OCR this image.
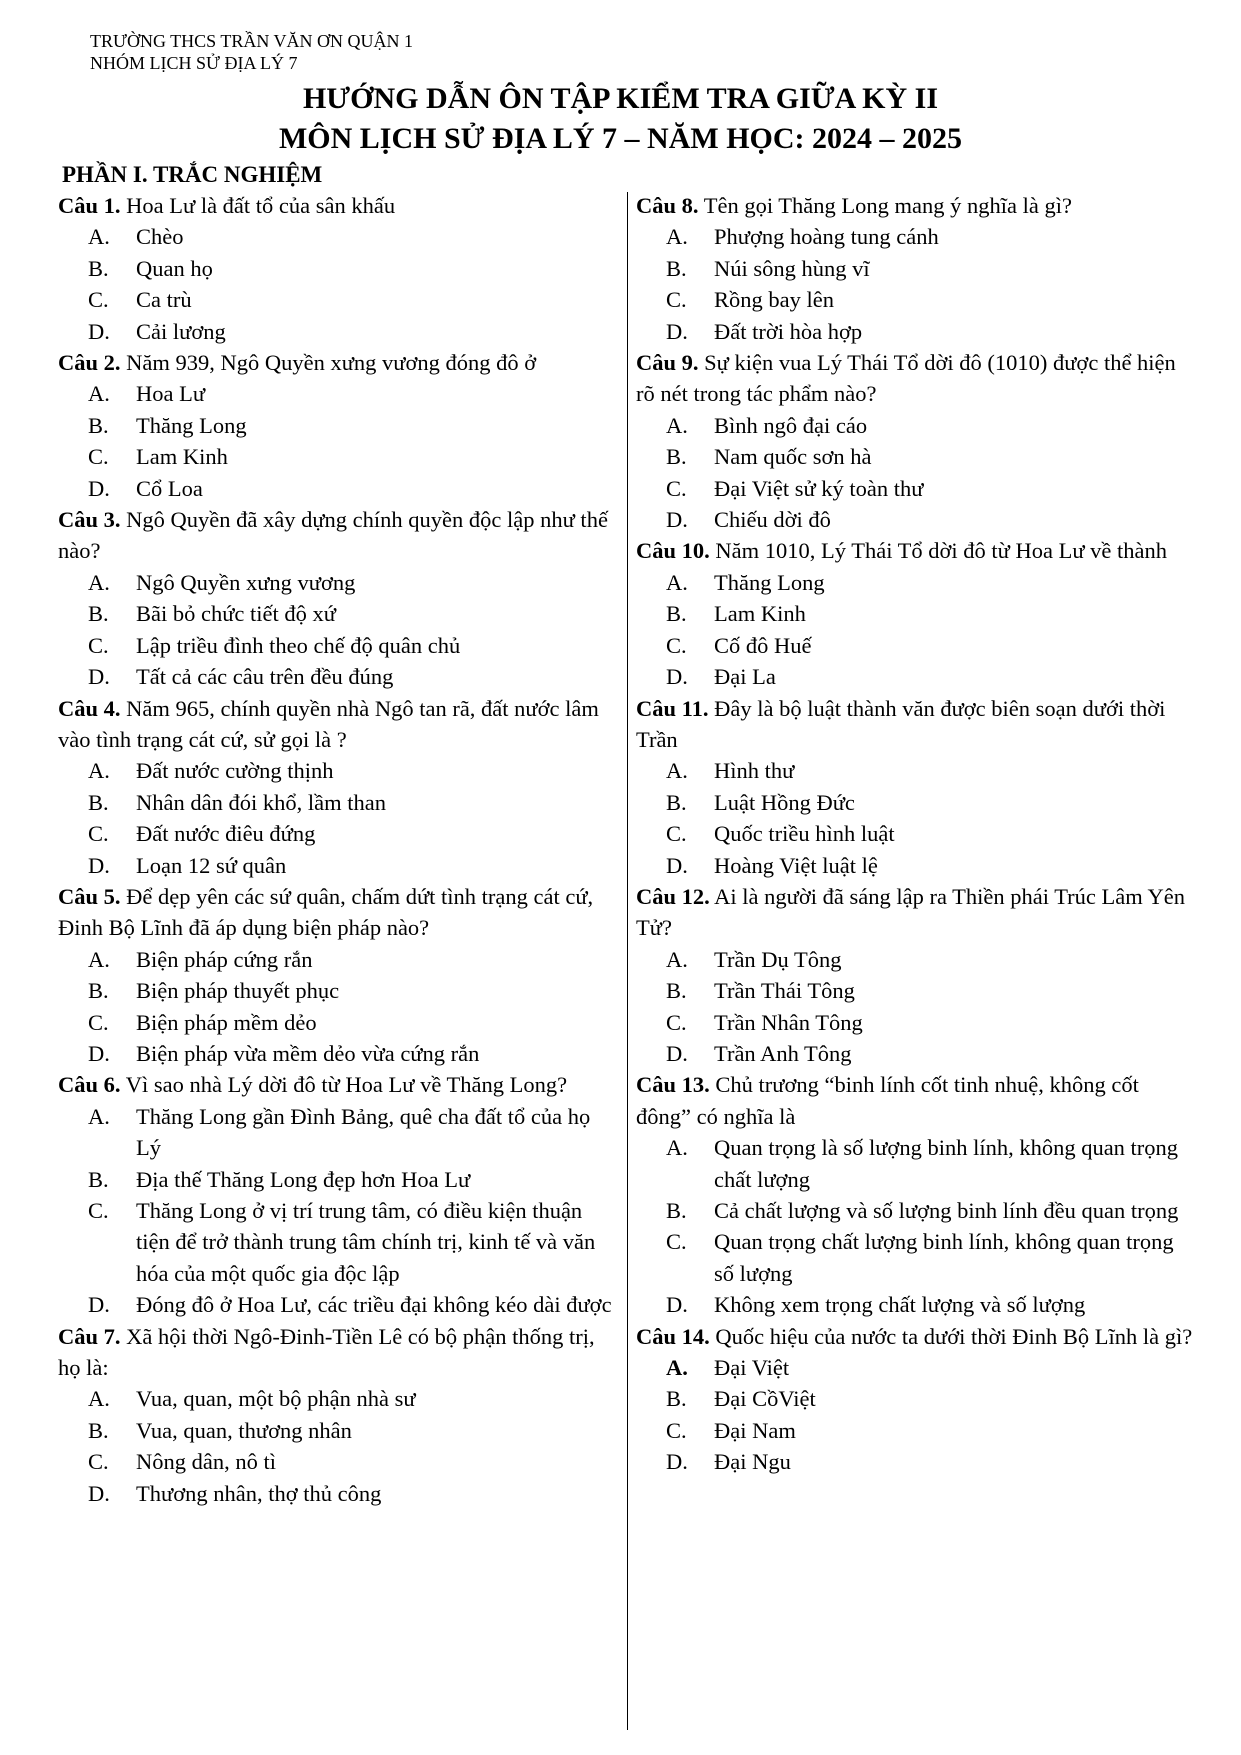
TRƯỜNG THCS TRẦN VĂN ƠN QUẬN 1
NHÓM LỊCH SỬ ĐỊA LÝ 7
HƯỚNG DẪN ÔN TẬP KIỂM TRA GIỮA KỲ II
MÔN LỊCH SỬ ĐỊA LÝ 7 – NĂM HỌC: 2024 – 2025
PHẦN I. TRẮC NGHIỆM

Câu 1. Hoa Lư là đất tổ của sân khấu

A. Chèo
B. Quan họ
C. Ca trù
D. Cải lương

Câu 2. Năm 939, Ngô Quyền xưng vương đóng đô ở

A. Hoa Lư
B. Thăng Long
C. Lam Kinh
D. Cổ Loa

Câu 3. Ngô Quyền đã xây dựng chính quyền độc lập như thế nào?

A. Ngô Quyền xưng vương
B. Bãi bỏ chức tiết độ xứ
C. Lập triều đình theo chế độ quân chủ
D. Tất cả các câu trên đều đúng

Câu 4. Năm 965, chính quyền nhà Ngô tan rã, đất nước lâm vào tình trạng cát cứ, sử gọi là ?

A. Đất nước cường thịnh
B. Nhân dân đói khổ, lầm than
C. Đất nước điêu đứng
D. Loạn 12 sứ quân

Câu 5. Để dẹp yên các sứ quân, chấm dứt tình trạng cát cứ, Đinh Bộ Lĩnh đã áp dụng biện pháp nào?

A. Biện pháp cứng rắn
B. Biện pháp thuyết phục
C. Biện pháp mềm dẻo
D. Biện pháp vừa mềm dẻo vừa cứng rắn

Câu 6. Vì sao nhà Lý dời đô từ Hoa Lư về Thăng Long?

A. Thăng Long gần Đình Bảng, quê cha đất tổ của họ Lý
B. Địa thế Thăng Long đẹp hơn Hoa Lư
C. Thăng Long ở vị trí trung tâm, có điều kiện thuận tiện để trở thành trung tâm chính trị, kinh tế và văn hóa của một quốc gia độc lập
D. Đóng đô ở Hoa Lư, các triều đại không kéo dài được

Câu 7. Xã hội thời Ngô-Đinh-Tiền Lê có bộ phận thống trị, họ là:

A. Vua, quan, một bộ phận nhà sư
B. Vua, quan, thương nhân
C. Nông dân, nô tì
D. Thương nhân, thợ thủ công

Câu 8. Tên gọi Thăng Long mang ý nghĩa là gì?

A. Phượng hoàng tung cánh
B. Núi sông hùng vĩ
C. Rồng bay lên
D. Đất trời hòa hợp

Câu 9. Sự kiện vua Lý Thái Tổ dời đô (1010) được thể hiện rõ nét trong tác phẩm nào?

A. Bình ngô đại cáo
B. Nam quốc sơn hà
C. Đại Việt sử ký toàn thư
D. Chiếu dời đô

Câu 10. Năm 1010, Lý Thái Tổ dời đô từ Hoa Lư về thành

A. Thăng Long
B. Lam Kinh
C. Cố đô Huế
D. Đại La

Câu 11. Đây là bộ luật thành văn được biên soạn dưới thời Trần

A. Hình thư
B. Luật Hồng Đức
C. Quốc triều hình luật
D. Hoàng Việt luật lệ

Câu 12. Ai là người đã sáng lập ra Thiền phái Trúc Lâm Yên Tử?

A. Trần Dụ Tông
B. Trần Thái Tông
C. Trần Nhân Tông
D. Trần Anh Tông

Câu 13. Chủ trương “binh lính cốt tinh nhuệ, không cốt đông” có nghĩa là

A. Quan trọng là số lượng binh lính, không quan trọng chất lượng
B. Cả chất lượng và số lượng binh lính đều quan trọng
C. Quan trọng chất lượng binh lính, không quan trọng số lượng
D. Không xem trọng chất lượng và số lượng

Câu 14. Quốc hiệu của nước ta dưới thời Đinh Bộ Lĩnh là gì?

A. Đại Việt
B. Đại CồViệt
C. Đại Nam
D. Đại Ngu
